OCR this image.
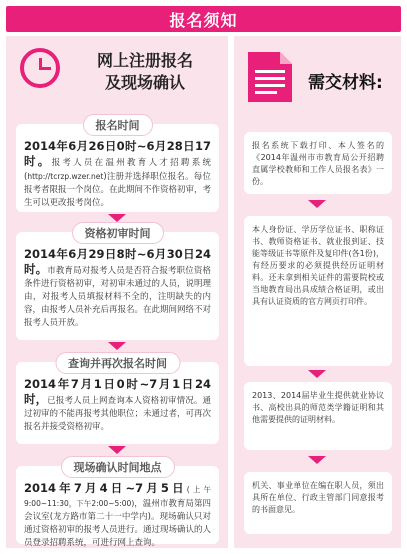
报名须知
网上注册报名
及现场确认
报名时间
2014年6月26日0时~6月28日17时。报考人员在温州教育人才招聘系统(http://tcrzp.wzer.net)注册并选择职位报名。每位报考者限报一个岗位。在此期间不作资格初审，考生可以更改报考岗位。
资格初审时间
2014年6月29日8时~6月30日24时。市教育局对报考人员是否符合报考职位资格条件进行资格初审，对初审未通过的人员，说明理由，对报考人员填报材料不全的，注明缺失的内容，由报考人员补充后再报名。在此期间网络不对报考人员开放。
查询并再次报名时间
2014年7月1日0时~7月1日24时，已报考人员上网查询本人资格初审情况。通过初审的不能再报考其他职位；未通过者，可再次报名并接受资格初审。
现场确认时间地点
2014年7月4日~7月5日(上午9:00~11:30，下午2:00~5:00)，温州市教育局第四会议室(龙方路市第二十一中学内)。现场确认只对通过资格初审的报考人员进行。通过现场确认的人员登录招聘系统，可进行网上查询。
需交材料:
报名系统下载打印、本人签名的《2014年温州市市教育局公开招聘直属学校教师和工作人员报名表》一份。
本人身份证、学历学位证书、职称证书、教师资格证书、就业报到证、技能等级证书等原件及复印件(各1份)，有经历要求的必须提供经历证明材料。还未拿到相关证件的需要院校或当地教育局出具成绩合格证明，或出具有认证资质的官方网页打印件。
2013、2014届毕业生提供就业协议书、高校出具的师范类学籍证明和其他需要提供的证明材料。
机关、事业单位在编在职人员，须出具所在单位、行政主管部门同意报考的书面意见。
